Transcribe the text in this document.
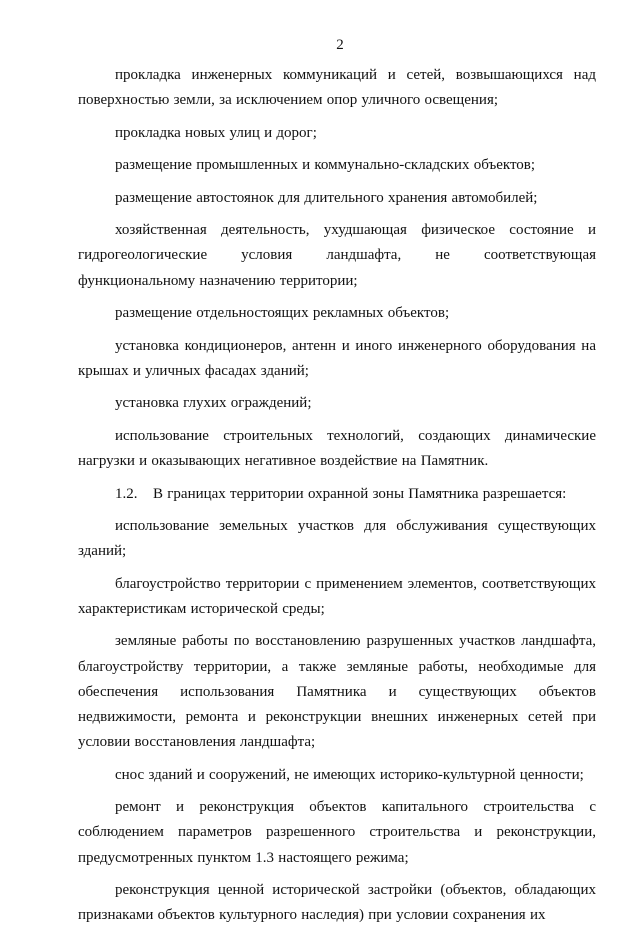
2

прокладка инженерных коммуникаций и сетей, возвышающихся над поверхностью земли, за исключением опор уличного освещения;

прокладка новых улиц и дорог;

размещение промышленных и коммунально-складских объектов;

размещение автостоянок для длительного хранения автомобилей;

хозяйственная деятельность, ухудшающая физическое состояние и гидрогеологические условия ландшафта, не соответствующая функциональному назначению территории;

размещение отдельностоящих рекламных объектов;

установка кондиционеров, антенн и иного инженерного оборудования на крышах и уличных фасадах зданий;

установка глухих ограждений;

использование строительных технологий, создающих динамические нагрузки и оказывающих негативное воздействие на Памятник.

1.2. В границах территории охранной зоны Памятника разрешается:

использование земельных участков для обслуживания существующих зданий;

благоустройство территории с применением элементов, соответствующих характеристикам исторической среды;

земляные работы по восстановлению разрушенных участков ландшафта, благоустройству территории, а также земляные работы, необходимые для обеспечения использования Памятника и существующих объектов недвижимости, ремонта и реконструкции внешних инженерных сетей при условии восстановления ландшафта;

снос зданий и сооружений, не имеющих историко-культурной ценности;

ремонт и реконструкция объектов капитального строительства с соблюдением параметров разрешенного строительства и реконструкции, предусмотренных пунктом 1.3 настоящего режима;

реконструкция ценной исторической застройки (объектов, обладающих признаками объектов культурного наследия) при условии сохранения их
